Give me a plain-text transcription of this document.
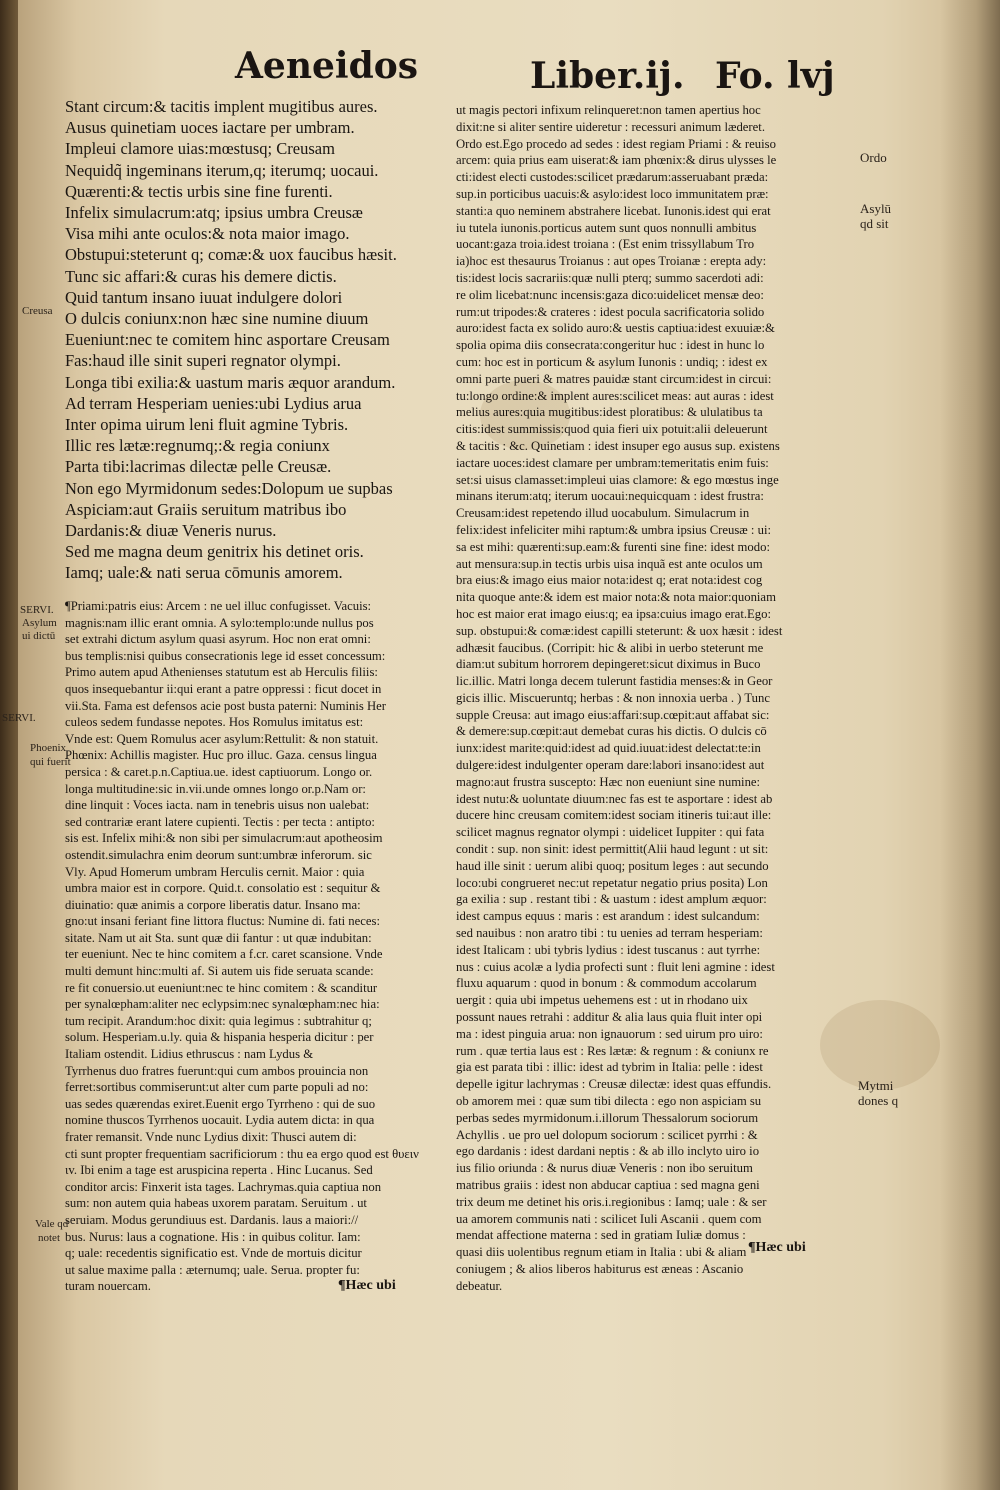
Aeneidos	Liber.ij. Fo. lvj
Stant circum:& tacitis implent mugitibus aures.
Ausus quinetiam uoces iactare per umbram.
Impleui clamore uias:mœstusq; Creusam
Nequidq̃ ingeminans iterum,q; iterumq; uocaui.
Quærenti:& tectis urbis sine fine furenti.
Infelix simulacrum:atq; ipsius umbra Creusæ
Visa mihi ante oculos:& nota maior imago.
Obstupui:steterunt q; comæ:& uox faucibus hæsit.
Tunc sic affari:& curas his demere dictis.
Quid tantum insano iuuat indulgere dolori
O dulcis coniunx:non hæc sine numine diuum
Eueniunt:nec te comitem hinc asportare Creusam
Fas:haud ille sinit superi regnator olympi.
Longa tibi exilia:& uastum maris æquor arandum.
Ad terram Hesperiam uenies:ubi Lydius arua
Inter opima uirum leni fluit agmine Tybris.
Illic res lætæ:regnumq;:& regia coniunx
Parta tibi:lacrimas dilectæ pelle Creusæ.
Non ego Myrmidonum sedes:Dolopum ue supbas
Aspiciam:aut Graiis seruitum matribus ibo
Dardanis:& diuæ Veneris nurus.
Sed me magna deum genitrix his detinet oris.
Iamq; uale:& nati serua cōmunis amorem.
¶Priami:patris eius: Arcem : ne uel illuc confugisset. Vacuis:
magnis:nam illic erant omnia. A sylo:templo:unde nullus pos
set extrahi dictum asylum quasi asyrum. Hoc non erat omni:
bus templis:nisi quibus consecrationis lege id esset concessum:
Primo autem apud Athenienses statutum est ab Herculis filiis:
quos insequebantur ii:qui erant a patre oppressi : ficut docet in
vii.Sta. Fama est defensos acie post busta paterni: Numinis Her
culeos sedem fundasse nepotes. Hos Romulus imitatus est:
Vnde est: Quem Romulus acer asylum:Rettulit: & non statuit.
Phœnix: Achillis magister. Huc pro illuc. Gaza. census lingua
persica : & caret.p.n.Captiua.ue. idest captiuorum. Longo or.
longa multitudine:sic in.vii.unde omnes longo or.p.Nam or:
dine linquit : Voces iacta. nam in tenebris uisus non ualebat:
sed contrariæ erant latere cupienti. Tectis : per tecta : antipto:
sis est. Infelix mihi:& non sibi per simulacrum:aut apotheosim
ostendit.simulachra enim deorum sunt:umbræ inferorum. sic
Vly. Apud Homerum umbram Herculis cernit. Maior : quia
umbra maior est in corpore. Quid.t. consolatio est : sequitur &
diuinatio: quæ animis a corpore liberatis datur. Insano ma:
gno:ut insani feriant fine littora fluctus: Numine di. fati neces:
sitate. Nam ut ait Sta. sunt quæ dii fantur : ut quæ indubitan:
ter eueniunt. Nec te hinc comitem a f.cr. caret scansione. Vnde
multi demunt hinc:multi af. Si autem uis fide seruata scande:
re fit conuersio.ut eueniunt:nec te hinc comitem : & scanditur
per synalœpham:aliter nec eclypsim:nec synalœpham:nec hia:
tum recipit. Arandum:hoc dixit: quia legimus : subtrahitur q;
solum. Hesperiam.u.ly. quia & hispania hesperia dicitur : per
Italiam ostendit. Lidius ethruscus : nam Lydus &
Tyrrhenus duo fratres fuerunt:qui cum ambos prouincia non
ferret:sortibus commiserunt:ut alter cum parte populi ad no:
uas sedes quærendas exiret.Euenit ergo Tyrrheno : qui de suo
nomine thuscos Tyrrhenos uocauit. Lydia autem dicta: in qua
frater remansit. Vnde nunc Lydius dixit: Thusci autem di:
cti sunt propter frequentiam sacrificiorum : thu ea ergo quod est θυειν
ɩv. Ibi enim a tage est aruspicina reperta . Hinc Lucanus. Sed
conditor arcis: Finxerit ista tages. Lachrymas.quia captiua non
sum: non autem quia habeas uxorem paratam. Seruitum . ut
seruiam. Modus gerundiuus est. Dardanis. laus a maiori://
bus. Nurus: laus a cognatione. His : in quibus colitur. Iam:
q; uale: recedentis significatio est. Vnde de mortuis dicitur
ut salue maxime palla : æternumq; uale. Serua. propter fu:
turam nouercam.
ut magis pectori infixum relinqueret:non tamen apertius hoc
dixit:ne si aliter sentire uideretur : recessuri animum læderet.
Ordo est.Ego procedo ad sedes : idest regiam Priami : & reuiso
arcem: quia prius eam uiserat:& iam phœnix:& dirus ulysses le
cti:idest electi custodes:scilicet prædarum:asseruabant præda:
sup.in porticibus uacuis:& asylo:idest loco immunitatem præ:
stanti:a quo neminem abstrahere licebat. Iunonis.idest qui erat
iu tutela iunonis.porticus autem sunt quos nonnulli ambitus
uocant:gaza troia.idest troiana : (Est enim trissyllabum Tro
ia)hoc est thesaurus Troianus : aut opes Troianæ : erepta ady:
tis:idest locis sacrariis:quæ nulli pterq; summo sacerdoti adi:
re olim licebat:nunc incensis:gaza dico:uidelicet mensæ deo:
rum:ut tripodes:& crateres : idest pocula sacrificatoria solido
auro:idest facta ex solido auro:& uestis captiua:idest exuuiæ:&
spolia opima diis consecrata:congeritur huc : idest in hunc lo
cum: hoc est in porticum & asylum Iunonis : undiq; : idest ex
omni parte pueri & matres pauidæ stant circum:idest in circui:
tu:longo ordine:& implent aures:scilicet meas: aut auras : idest
melius aures:quia mugitibus:idest ploratibus: & ululatibus ta
citis:idest summissis:quod quia fieri uix potuit:alii deleuerunt
& tacitis : &c. Quinetiam : idest insuper ego ausus sup. existens
iactare uoces:idest clamare per umbram:temeritatis enim fuis:
set:si uisus clamasset:impleui uias clamore: & ego mœstus inge
minans iterum:atq; iterum uocaui:nequicquam : idest frustra:
Creusam:idest repetendo illud uocabulum. Simulacrum in
felix:idest infeliciter mihi raptum:& umbra ipsius Creusæ : ui:
sa est mihi: quærenti:sup.eam:& furenti sine fine: idest modo:
aut mensura:sup.in tectis urbis uisa inquã est ante oculos um
bra eius:& imago eius maior nota:idest q; erat nota:idest cog
nita quoque ante:& idem est maior nota:& nota maior:quoniam
hoc est maior erat imago eius:q; ea ipsa:cuius imago erat.Ego:
sup. obstupui:& comæ:idest capilli steterunt: & uox hæsit : idest
adhæsit faucibus. (Corripit: hic & alibi in uerbo steterunt me
diam:ut subitum horrorem depingeret:sicut diximus in Buco
lic.illic. Matri longa decem tulerunt fastidia menses:& in Geor
gicis illic. Miscueruntq; herbas : & non innoxia uerba . ) Tunc
supple Creusa: aut imago eius:affari:sup.cœpit:aut affabat sic:
& demere:sup.cœpit:aut demebat curas his dictis. O dulcis cō
iunx:idest marite:quid:idest ad quid.iuuat:idest delectat:te:in
dulgere:idest indulgenter operam dare:labori insano:idest aut
magno:aut frustra suscepto: Hæc non eueniunt sine numine:
idest nutu:& uoluntate diuum:nec fas est te asportare : idest ab
ducere hinc creusam comitem:idest sociam itineris tui:aut ille:
scilicet magnus regnator olympi : uidelicet Iuppiter : qui fata
condit : sup. non sinit: idest permittit(Alii haud legunt : ut sit:
haud ille sinit : uerum alibi quoq; positum leges : aut secundo
loco:ubi congrueret nec:ut repetatur negatio prius posita) Lon
ga exilia : sup . restant tibi : & uastum : idest amplum æquor:
idest campus equus : maris : est arandum : idest sulcandum:
sed nauibus : non aratro tibi : tu uenies ad terram hesperiam:
idest Italicam : ubi tybris lydius : idest tuscanus : aut tyrrhe:
nus : cuius acolæ a lydia profecti sunt : fluit leni agmine : idest
fluxu aquarum : quod in bonum : & commodum accolarum
uergit : quia ubi impetus uehemens est : ut in rhodano uix
possunt naues retrahi : additur & alia laus quia fluit inter opi
ma : idest pinguia arua: non ignauorum : sed uirum pro uiro:
rum . quæ tertia laus est : Res lætæ: & regnum : & coniunx re
gia est parata tibi : illic: idest ad tybrim in Italia: pelle : idest
depelle igitur lachrymas : Creusæ dilectæ: idest quas effundis.
ob amorem mei : quæ sum tibi dilecta : ego non aspiciam su
perbas sedes myrmidonum.i.illorum Thessalorum sociorum
Achyllis . ue pro uel dolopum sociorum : scilicet pyrrhi : &
ego dardanis : idest dardani neptis : & ab illo inclyto uiro io
ius filio oriunda : & nurus diuæ Veneris : non ibo seruitum
matribus graiis : idest non abducar captiua : sed magna geni
trix deum me detinet his oris.i.regionibus : Iamq; uale : & ser
ua amorem communis nati : scilicet Iuli Ascanii . quem com
mendat affectione materna : sed in gratiam Iuliæ domus :
quasi diis uolentibus regnum etiam in Italia : ubi & aliam
coniugem ; & alios liberos habiturus est æneas : Ascanio
debeatur.
Creusa
SERVI.
Asylum
ui dictū
SERVI.
Phoenix
qui fuerit
Vale qd
notet
Ordo
Asylū
qd sit
Mytmi
dones q
¶Hæc ubi
¶Hæc ubi
